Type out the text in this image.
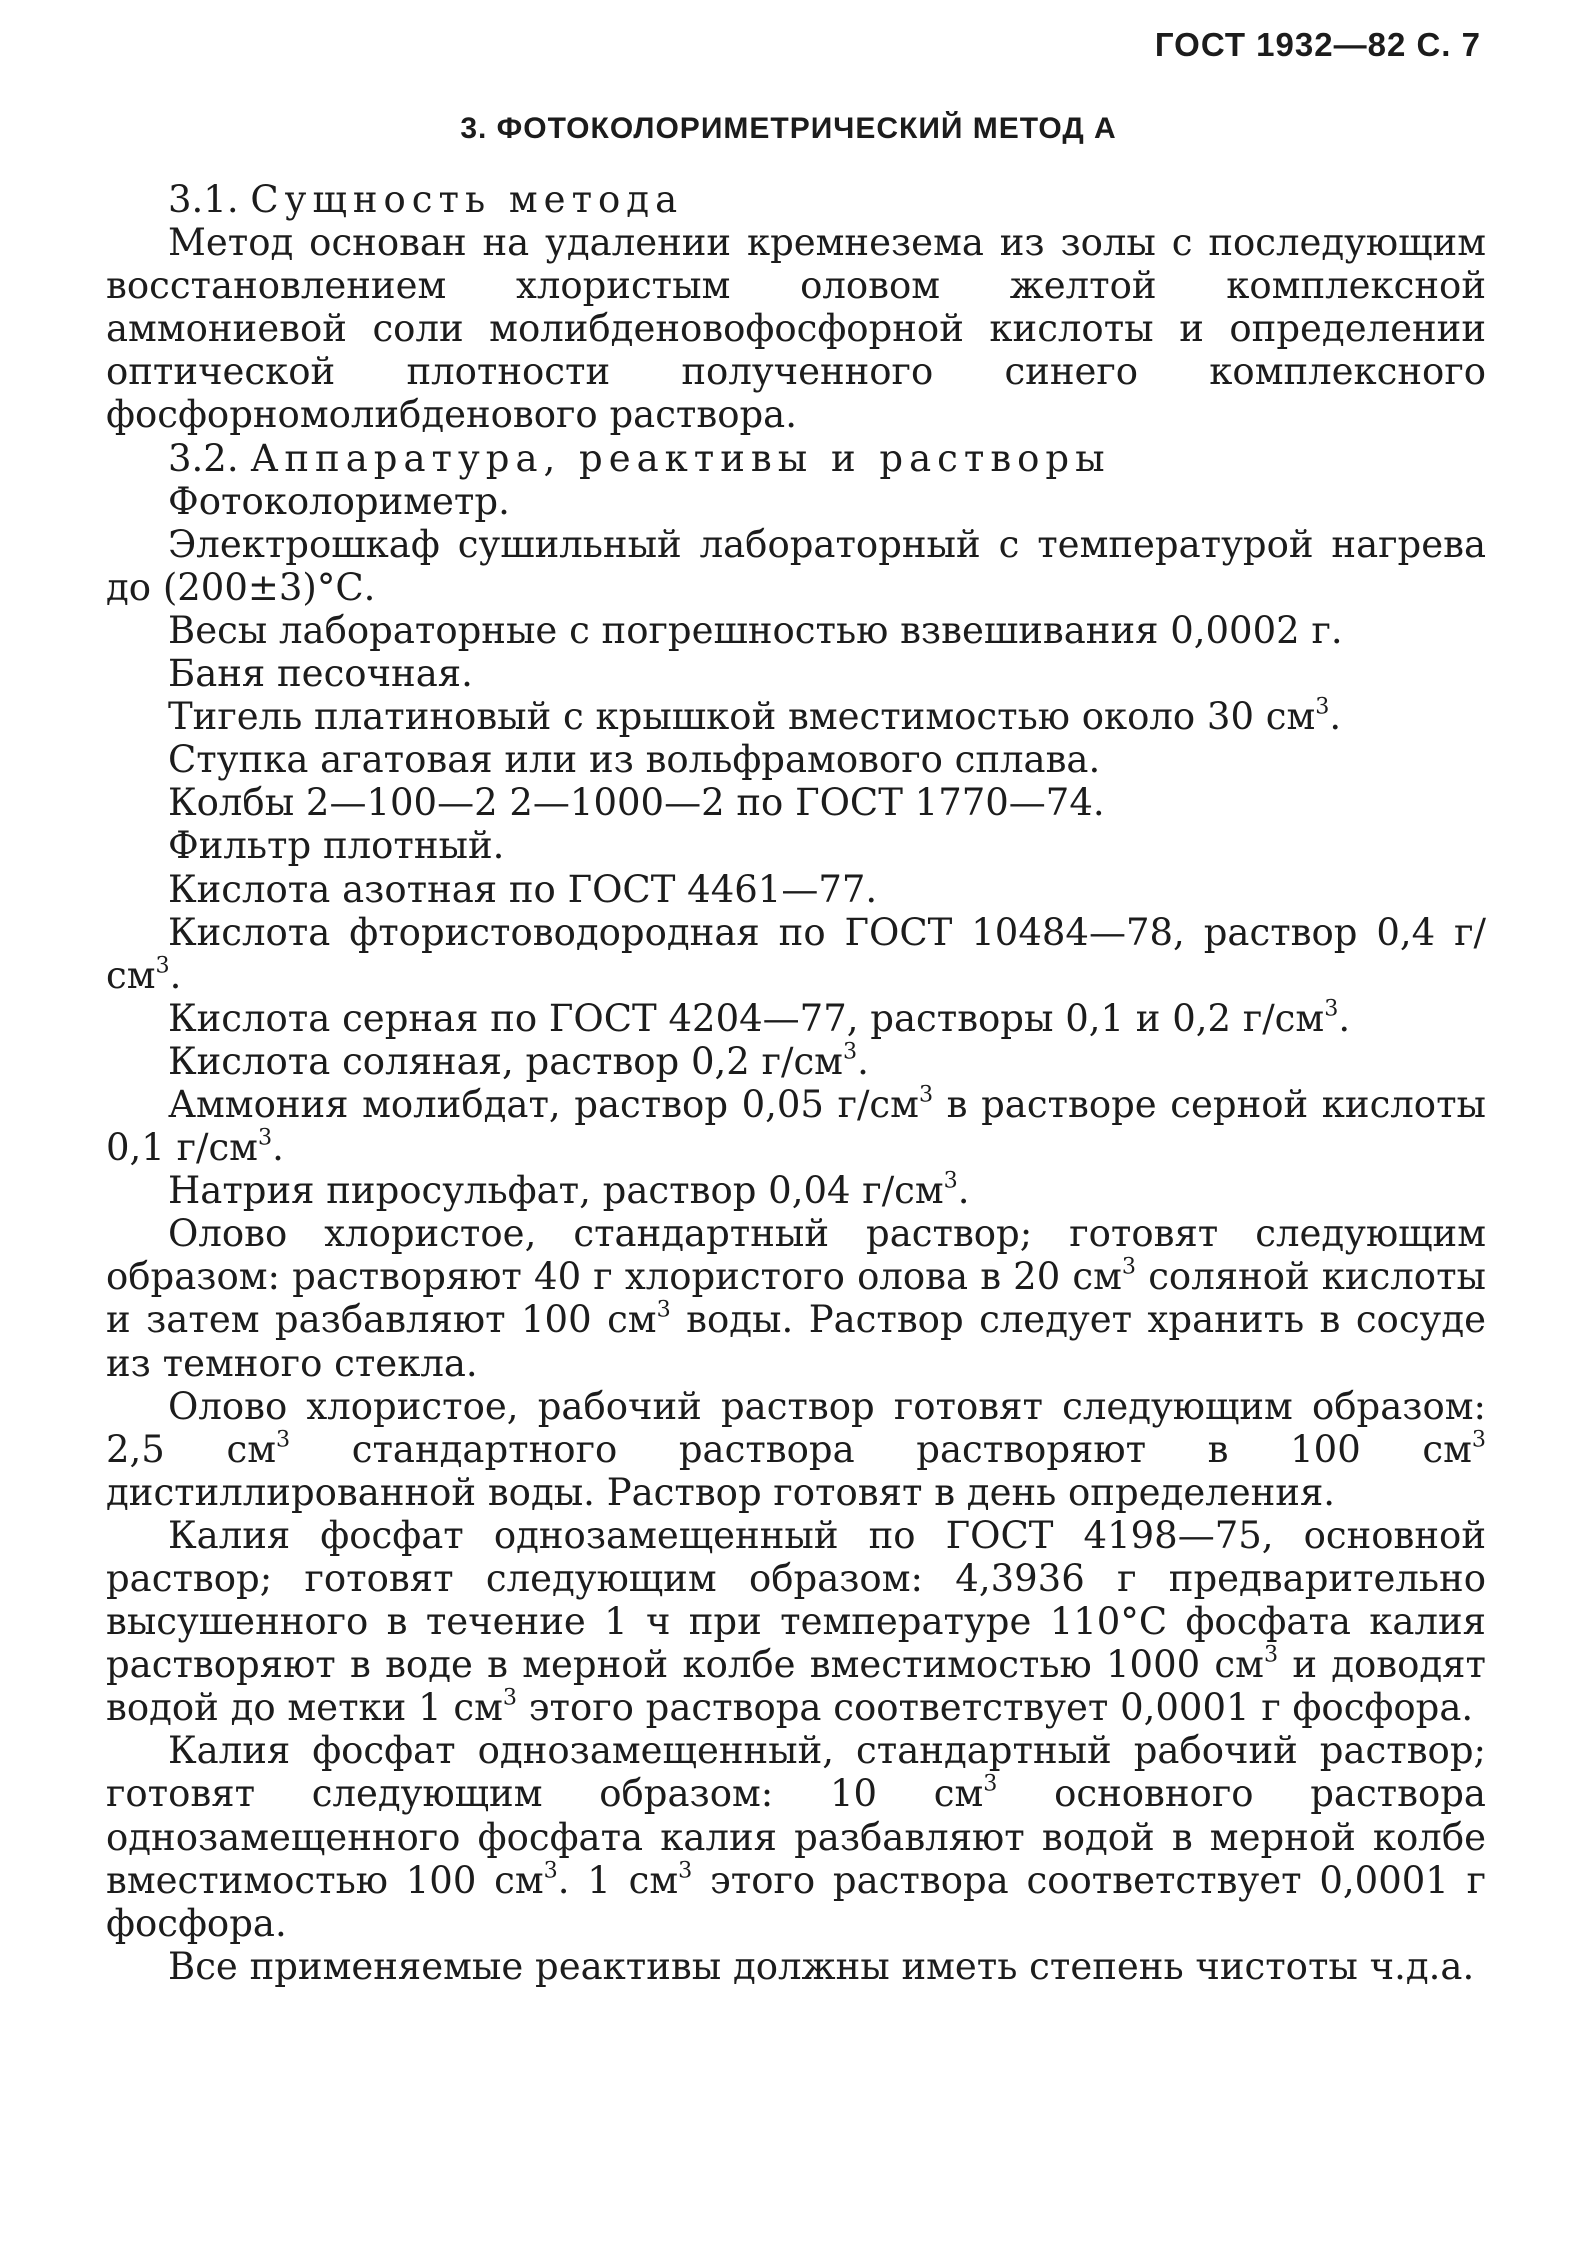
ГОСТ 1932—82 С. 7
3. ФОТОКОЛОРИМЕТРИЧЕСКИЙ МЕТОД А

3.1. Сущность метода

Метод основан на удалении кремнезема из золы с последующим восстановлением хлористым оловом желтой комплексной аммониевой соли молибденовофосфорной кислоты и определении оптической плотности полученного синего комплексного фосфорномолибденового раствора.

3.2. Аппаратура, реактивы и растворы

Фотоколориметр.

Электрошкаф сушильный лабораторный с температурой нагрева до (200±3)°С.

Весы лабораторные с погрешностью взвешивания 0,0002 г.

Баня песочная.

Тигель платиновый с крышкой вместимостью около 30 $см^3$.

Ступка агатовая или из вольфрамового сплава.

Колбы 2—100—2 2—1000—2 по ГОСТ 1770—74.

Фильтр плотный.

Кислота азотная по ГОСТ 4461—77.

Кислота фтористоводородная по ГОСТ 10484—78, раствор 0,4 $г/см^3$.

Кислота серная по ГОСТ 4204—77, растворы 0,1 и 0,2 $г/см^3$.

Кислота соляная, раствор 0,2 $г/см^3$.

Аммония молибдат, раствор 0,05 $г/см^3$ в растворе серной кислоты 0,1 $г/см^3$.

Натрия пиросульфат, раствор 0,04 $г/см^3$.

Олово хлористое, стандартный раствор; готовят следующим образом: растворяют 40 г хлористого олова в 20 $см^3$ соляной кислоты и затем разбавляют 100 $см^3$ воды. Раствор следует хранить в сосуде из темного стекла.

Олово хлористое, рабочий раствор готовят следующим образом: 2,5 $см^3$ стандартного раствора растворяют в 100 $см^3$ дистиллированной воды. Раствор готовят в день определения.

Калия фосфат однозамещенный по ГОСТ 4198—75, основной раствор; готовят следующим образом: 4,3936 г предварительно высушенного в течение 1 ч при температуре 110°С фосфата калия растворяют в воде в мерной колбе вместимостью 1000 $см^3$ и доводят водой до метки 1 $см^3$ этого раствора соответствует 0,0001 г фосфора.

Калия фосфат однозамещенный, стандартный рабочий раствор; готовят следующим образом: 10 $см^3$ основного раствора однозамещенного фосфата калия разбавляют водой в мерной колбе вместимостью 100 $см^3$. 1 $см^3$ этого раствора соответствует 0,0001 г фосфора.

Все применяемые реактивы должны иметь степень чистоты ч.д.а.
